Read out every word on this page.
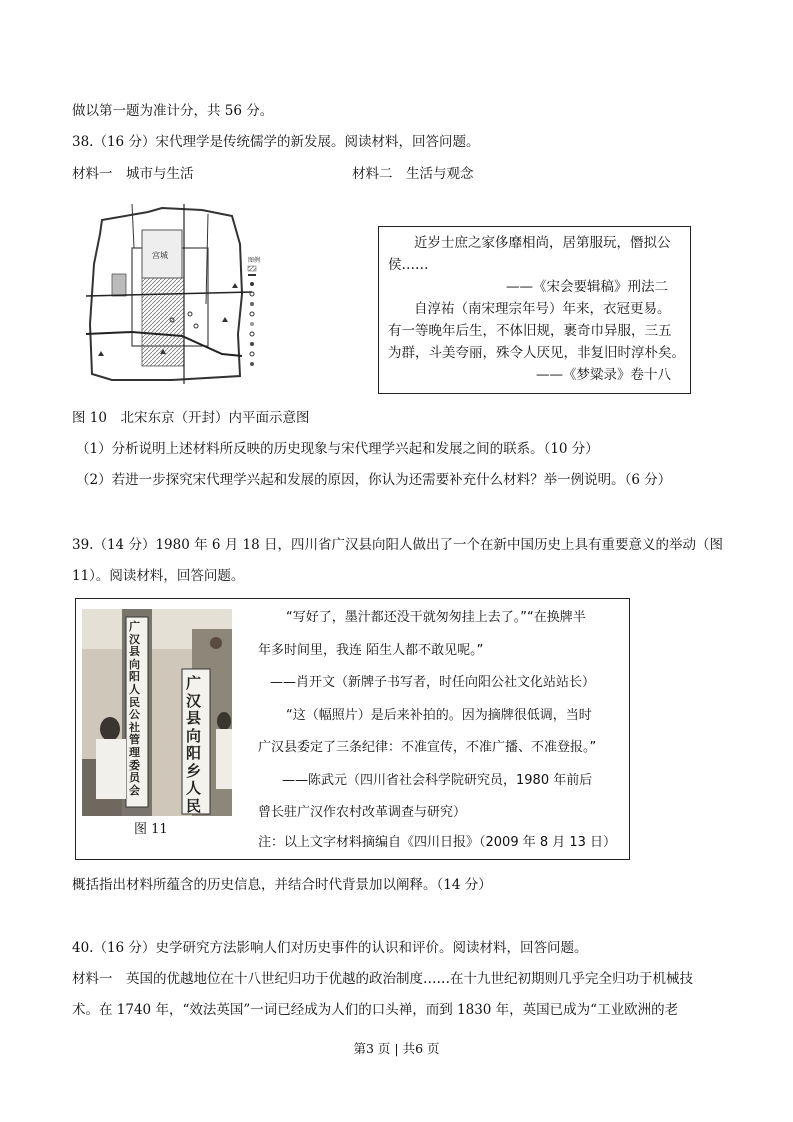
做以第一题为准计分，共 56 分。
38.（16 分）宋代理学是传统儒学的新发展。阅读材料，回答问题。
材料一　城市与生活	材料二　生活与观念
宫城
图例
近岁士庶之家侈靡相尚，居第服玩，僭拟公
侯……
——《宋会要辑稿》刑法二
自淳祐（南宋理宗年号）年来，衣冠更易。
有一等晚年后生，不体旧规，裹奇巾异服，三五
为群，斗美夸丽，殊令人厌见，非复旧时淳朴矣。
——《梦粱录》卷十八
图 10　北宋东京（开封）内平面示意图
（1）分析说明上述材料所反映的历史现象与宋代理学兴起和发展之间的联系。（10 分）
（2）若进一步探究宋代理学兴起和发展的原因，你认为还需要补充什么材料？举一例说明。（6 分）
39.（14 分）1980 年 6 月 18 日，四川省广汉县向阳人做出了一个在新中国历史上具有重要意义的举动（图
11）。阅读材料，回答问题。
广汉县向阳人民公社管理委员会
广汉县向阳乡人民
图 11
“写好了，墨汁都还没干就匆匆挂上去了。”“在换牌半
年多时间里，我连 陌生人都不敢见呢。”
——肖开文（新牌子书写者，时任向阳公社文化站站长）
“这（幅照片）是后来补拍的。因为摘牌很低调，当时
广汉县委定了三条纪律：不准宣传，不准广播、不准登报。”
——陈武元（四川省社会科学院研究员，1980 年前后
曾长驻广汉作农村改革调查与研究）
注：以上文字材料摘编自《四川日报》（2009 年 8 月 13 日）
概括指出材料所蕴含的历史信息，并结合时代背景加以阐释。（14 分）
40.（16 分）史学研究方法影响人们对历史事件的认识和评价。阅读材料，回答问题。
材料一　英国的优越地位在十八世纪归功于优越的政治制度……在十九世纪初期则几乎完全归功于机械技
术。在 1740 年，“效法英国”一词已经成为人们的口头禅，而到 1830 年，英国已成为“工业欧洲的老
第3 页 | 共6 页
